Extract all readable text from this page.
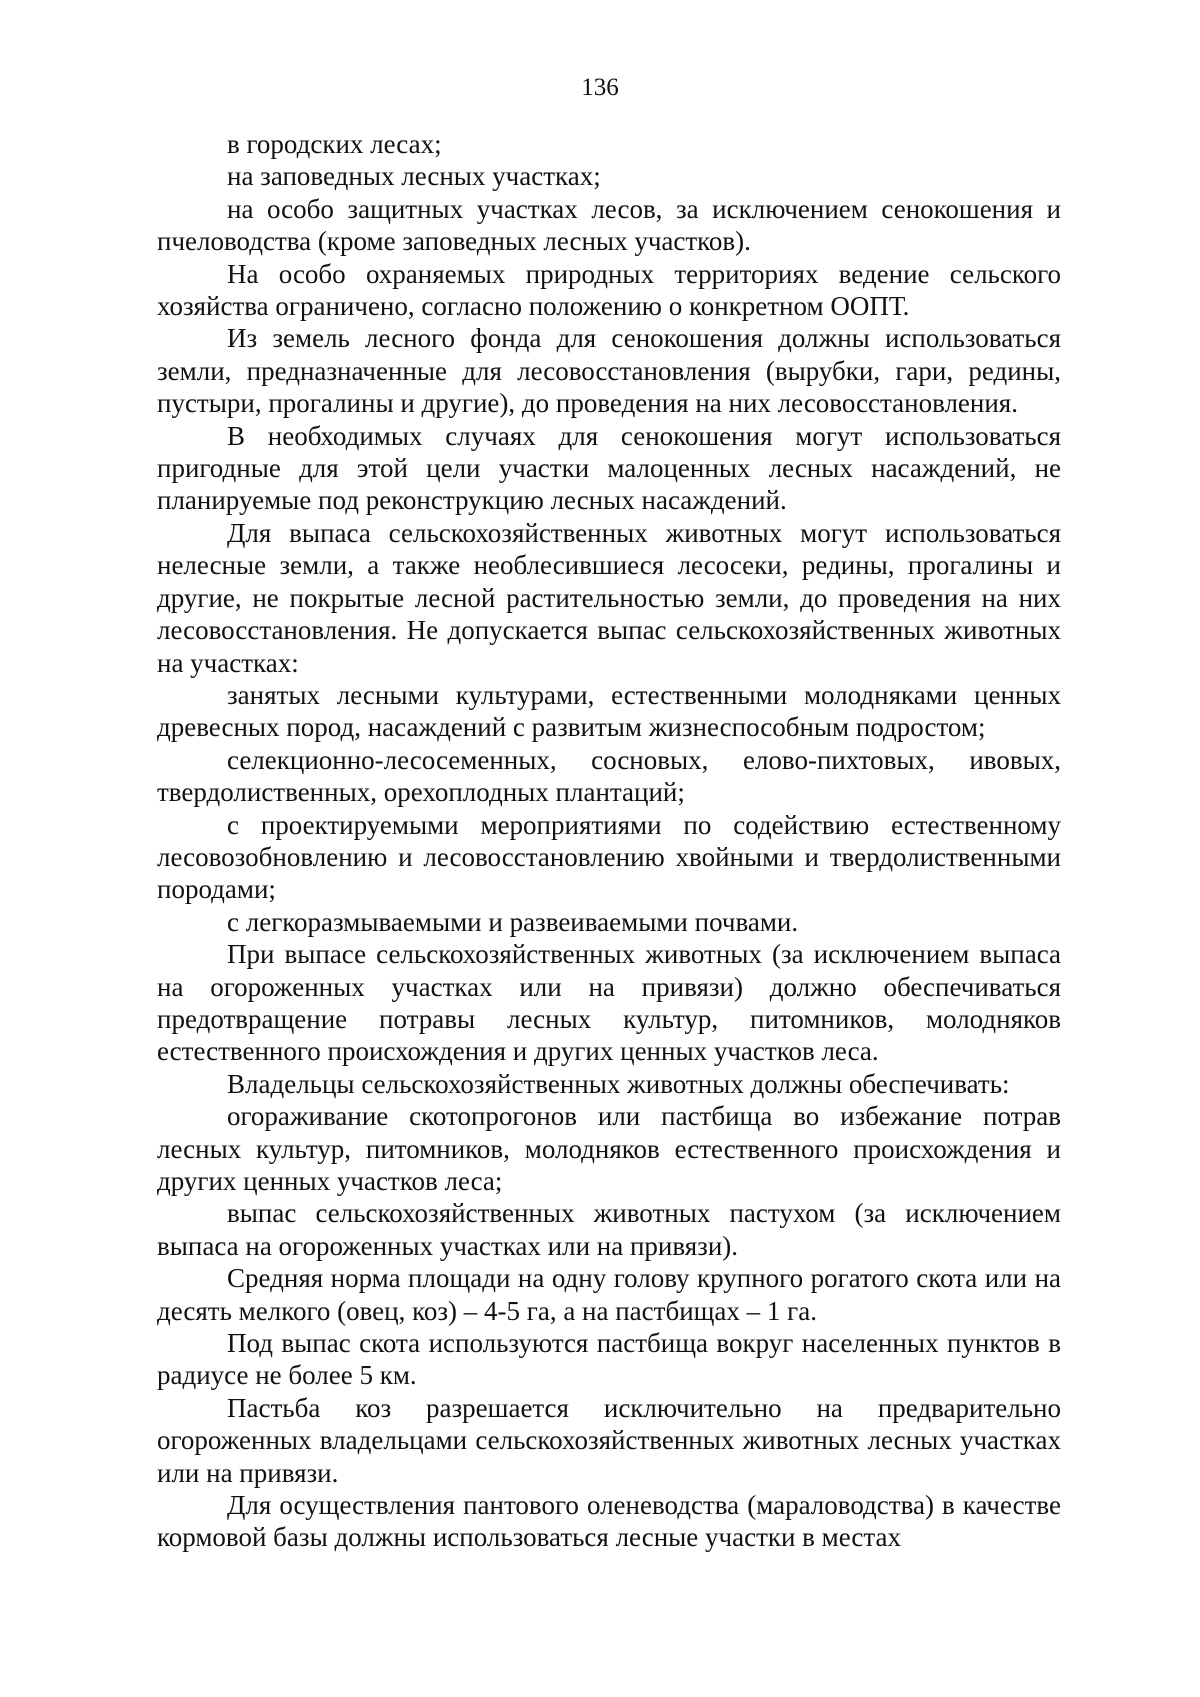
136

в городских лесах;

на заповедных лесных участках;

на особо защитных участках лесов, за исключением сенокошения и пчеловодства (кроме заповедных лесных участков).

На особо охраняемых природных территориях ведение сельского хозяйства ограничено, согласно положению о конкретном ООПТ.

Из земель лесного фонда для сенокошения должны использоваться земли, предназначенные для лесовосстановления (вырубки, гари, редины, пустыри, прогалины и другие), до проведения на них лесовосстановления.

В необходимых случаях для сенокошения могут использоваться пригодные для этой цели участки малоценных лесных насаждений, не планируемые под реконструкцию лесных насаждений.

Для выпаса сельскохозяйственных животных могут использоваться нелесные земли, а также необлесившиеся лесосеки, редины, прогалины и другие, не покрытые лесной растительностью земли, до проведения на них лесовосстановления. Не допускается выпас сельскохозяйственных животных на участках:

занятых лесными культурами, естественными молодняками ценных древесных пород, насаждений с развитым жизнеспособным подростом;

селекционно-лесосеменных, сосновых, елово-пихтовых, ивовых, твердолиственных, орехоплодных плантаций;

с проектируемыми мероприятиями по содействию естественному лесовозобновлению и лесовосстановлению хвойными и твердолиственными породами;

с легкоразмываемыми и развеиваемыми почвами.

При выпасе сельскохозяйственных животных (за исключением выпаса на огороженных участках или на привязи) должно обеспечиваться предотвращение потравы лесных культур, питомников, молодняков естественного происхождения и других ценных участков леса.

Владельцы сельскохозяйственных животных должны обеспечивать:

огораживание скотопрогонов или пастбища во избежание потрав лесных культур, питомников, молодняков естественного происхождения и других ценных участков леса;

выпас сельскохозяйственных животных пастухом (за исключением выпаса на огороженных участках или на привязи).

Средняя норма площади на одну голову крупного рогатого скота или на десять мелкого (овец, коз) – 4-5 га, а на пастбищах – 1 га.

Под выпас скота используются пастбища вокруг населенных пунктов в радиусе не более 5 км.

Пастьба коз разрешается исключительно на предварительно огороженных владельцами сельскохозяйственных животных лесных участках или на привязи.

Для осуществления пантового оленеводства (мараловодства) в качестве кормовой базы должны использоваться лесные участки в местах
